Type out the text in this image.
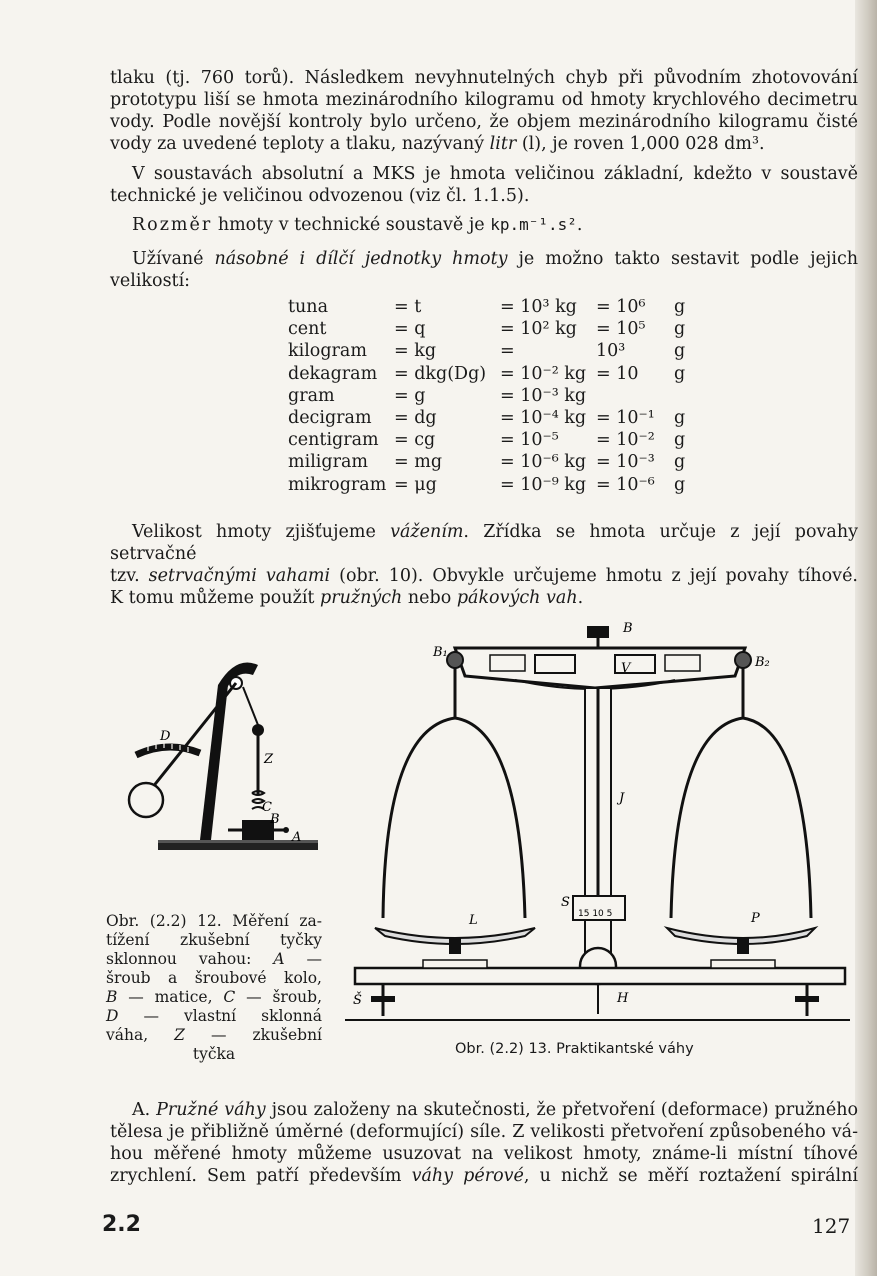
tlaku (tj. 760 torů). Následkem nevyhnutelných chyb při původním zhotovování
prototypu liší se hmota mezinárodního kilogramu od hmoty krychlového decimetru
vody. Podle novější kontroly bylo určeno, že objem mezinárodního kilogramu čisté
vody za uvedené teploty a tlaku, nazývaný litr (l), je roven 1,000 028 dm³.
V soustavách absolutní a MKS je hmota veličinou základní, kdežto v soustavě
technické je veličinou odvozenou (viz čl. 1.1.5).
Rozměr hmoty v technické soustavě je kp.m⁻¹.s².
Užívané násobné i dílčí jednotky hmoty je možno takto sestavit podle jejich velikostí:
tuna	= t	= 10³ kg	= 10⁶	g
cent	= q	= 10² kg	= 10⁵	g
kilogram	= kg	=	10³	g
dekagram	= dkg(Dg)	= 10⁻² kg	= 10	g
gram	= g	= 10⁻³ kg		
decigram	= dg	= 10⁻⁴ kg	= 10⁻¹	g
centigram	= cg	= 10⁻⁵	= 10⁻²	g
miligram	= mg	= 10⁻⁶ kg	= 10⁻³	g
mikrogram	= μg	= 10⁻⁹ kg	= 10⁻⁶	g
Velikost hmoty zjišťujeme vážením. Zřídka se hmota určuje z její povahy setrvačné
tzv. setrvačnými vahami (obr. 10). Obvykle určujeme hmotu z její povahy tíhové.
K tomu můžeme použít pružných nebo pákových vah.
D
Z
C
B
A
Obr. (2.2) 12. Měření za-
tížení zkušební tyčky
sklonnou vahou: A —
šroub a šroubové kolo,
B — matice, C — šroub,
D — vlastní sklonná
váha, Z — zkušební
tyčka
15 10 5
B
B₁
B₂
V
J
S
L	P
H
Š
Obr. (2.2) 13. Praktikantské váhy
A. Pružné váhy jsou založeny na skutečnosti, že přetvoření (deformace) pružného
tělesa je přibližně úměrné (deformující) síle. Z velikosti přetvoření způsobeného vá-
hou měřené hmoty můžeme usuzovat na velikost hmoty, známe-li místní tíhové
zrychlení. Sem patří především váhy pérové, u nichž se měří roztažení spirální
2.2	127
